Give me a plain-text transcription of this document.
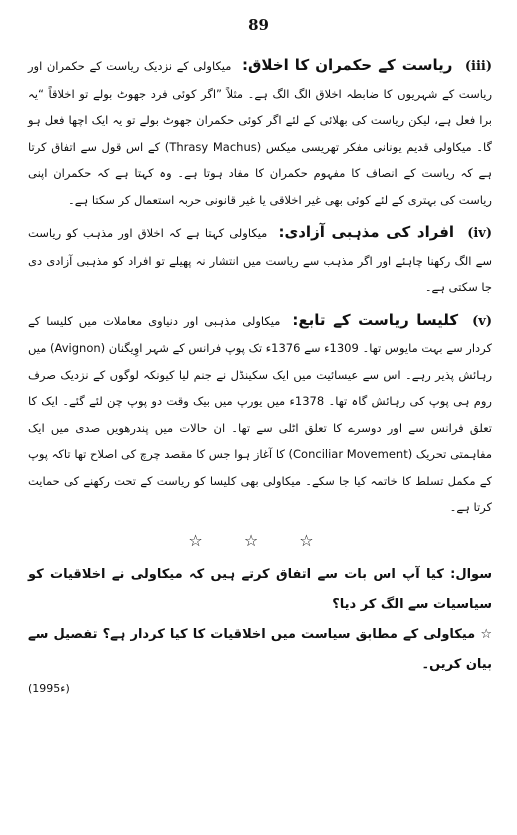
89

(iii) ریاست کے حکمران کا اخلاق: میکاولی کے نزدیک ریاست کے حکمران اور ریاست کے شہریوں کا ضابطہ اخلاق الگ الگ ہے۔ مثلاً ”اگر کوئی فرد جھوٹ بولے تو اخلاقاً “یہ برا فعل ہے، لیکن ریاست کی بھلائی کے لئے اگر کوئی حکمران جھوٹ بولے تو یہ ایک اچھا فعل ہو گا۔ میکاولی قدیم یونانی مفکر تھریسی میکس (Thrasy Machus) کے اس قول سے اتفاق کرتا ہے کہ ریاست کے انصاف کا مفہوم حکمران کا مفاد ہوتا ہے۔ وہ کہتا ہے کہ حکمران اپنی ریاست کی بہتری کے لئے کوئی بھی غیر اخلاقی یا غیر قانونی حربہ استعمال کر سکتا ہے۔

(iv) افراد کی مذہبی آزادی: میکاولی کہتا ہے کہ اخلاق اور مذہب کو ریاست سے الگ رکھنا چاہئے اور اگر مذہب سے ریاست میں انتشار نہ پھیلے تو افراد کو مذہبی آزادی دی جا سکتی ہے۔

(v) کلیسا ریاست کے تابع: میکاولی مذہبی اور دنیاوی معاملات میں کلیسا کے کردار سے بہت مایوس تھا۔ 1309ء سے 1376ء تک پوپ فرانس کے شہر اوِیگنان (Avignon) میں رہائش پذیر رہے۔ اس سے عیسائیت میں ایک سکینڈل نے جنم لیا کیونکہ لوگوں کے نزدیک صرف روم ہی پوپ کی رہائش گاہ تھا۔ 1378ء میں یورپ میں بیک وقت دو پوپ چن لئے گئے۔ ایک کا تعلق فرانس سے اور دوسرے کا تعلق اٹلی سے تھا۔ ان حالات میں پندرھویں صدی میں ایک مفاہمتی تحریک (Conciliar Movement) کا آغاز ہوا جس کا مقصد چرچ کی اصلاح تھا تاکہ پوپ کے مکمل تسلط کا خاتمہ کیا جا سکے۔ میکاولی بھی کلیسا کو ریاست کے تحت رکھنے کی حمایت کرتا ہے۔

☆ ☆ ☆

سوال: کیا آپ اس بات سے اتفاق کرتے ہیں کہ میکاولی نے اخلاقیات کو سیاسیات سے الگ کر دیا؟

☆ میکاولی کے مطابق سیاست میں اخلاقیات کا کیا کردار ہے؟ تفصیل سے بیان کریں۔

(1995ء)
